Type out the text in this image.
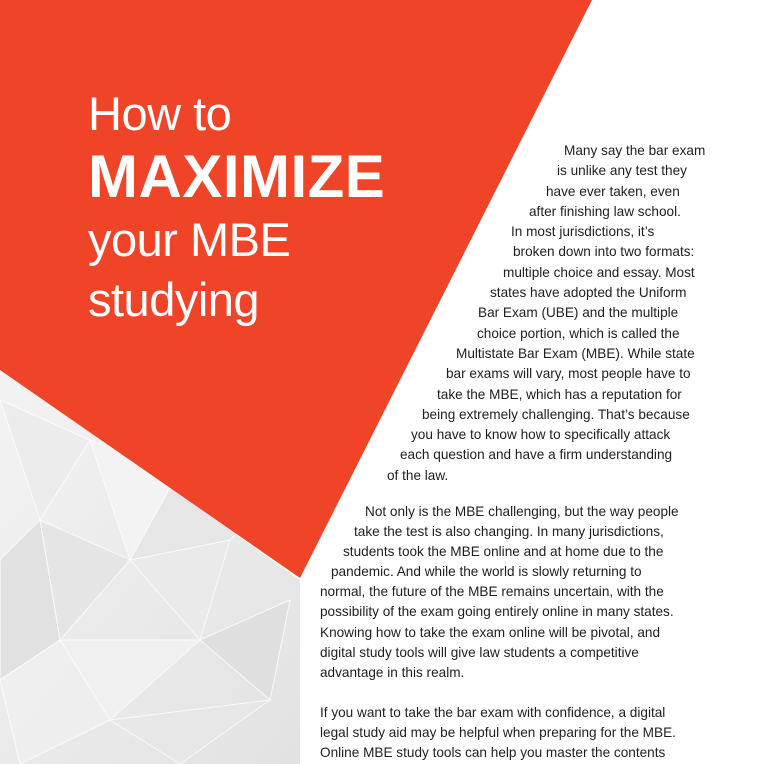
How to
MAXIMIZE
your MBE
studying
Many say the bar exam
is unlike any test they
have ever taken, even
after finishing law school.
In most jurisdictions, it’s
broken down into two formats:
multiple choice and essay. Most
states have adopted the Uniform
Bar Exam (UBE) and the multiple
choice portion, which is called the
Multistate Bar Exam (MBE). While state
bar exams will vary, most people have to
take the MBE, which has a reputation for
being extremely challenging. That’s because
you have to know how to specifically attack
each question and have a firm understanding
of the law.
Not only is the MBE challenging, but the way people
take the test is also changing. In many jurisdictions,
students took the MBE online and at home due to the
pandemic. And while the world is slowly returning to
normal, the future of the MBE remains uncertain, with the
possibility of the exam going entirely online in many states.
Knowing how to take the exam online will be pivotal, and
digital study tools will give law students a competitive
advantage in this realm.
If you want to take the bar exam with confidence, a digital
legal study aid may be helpful when preparing for the MBE.
Online MBE study tools can help you master the contents
